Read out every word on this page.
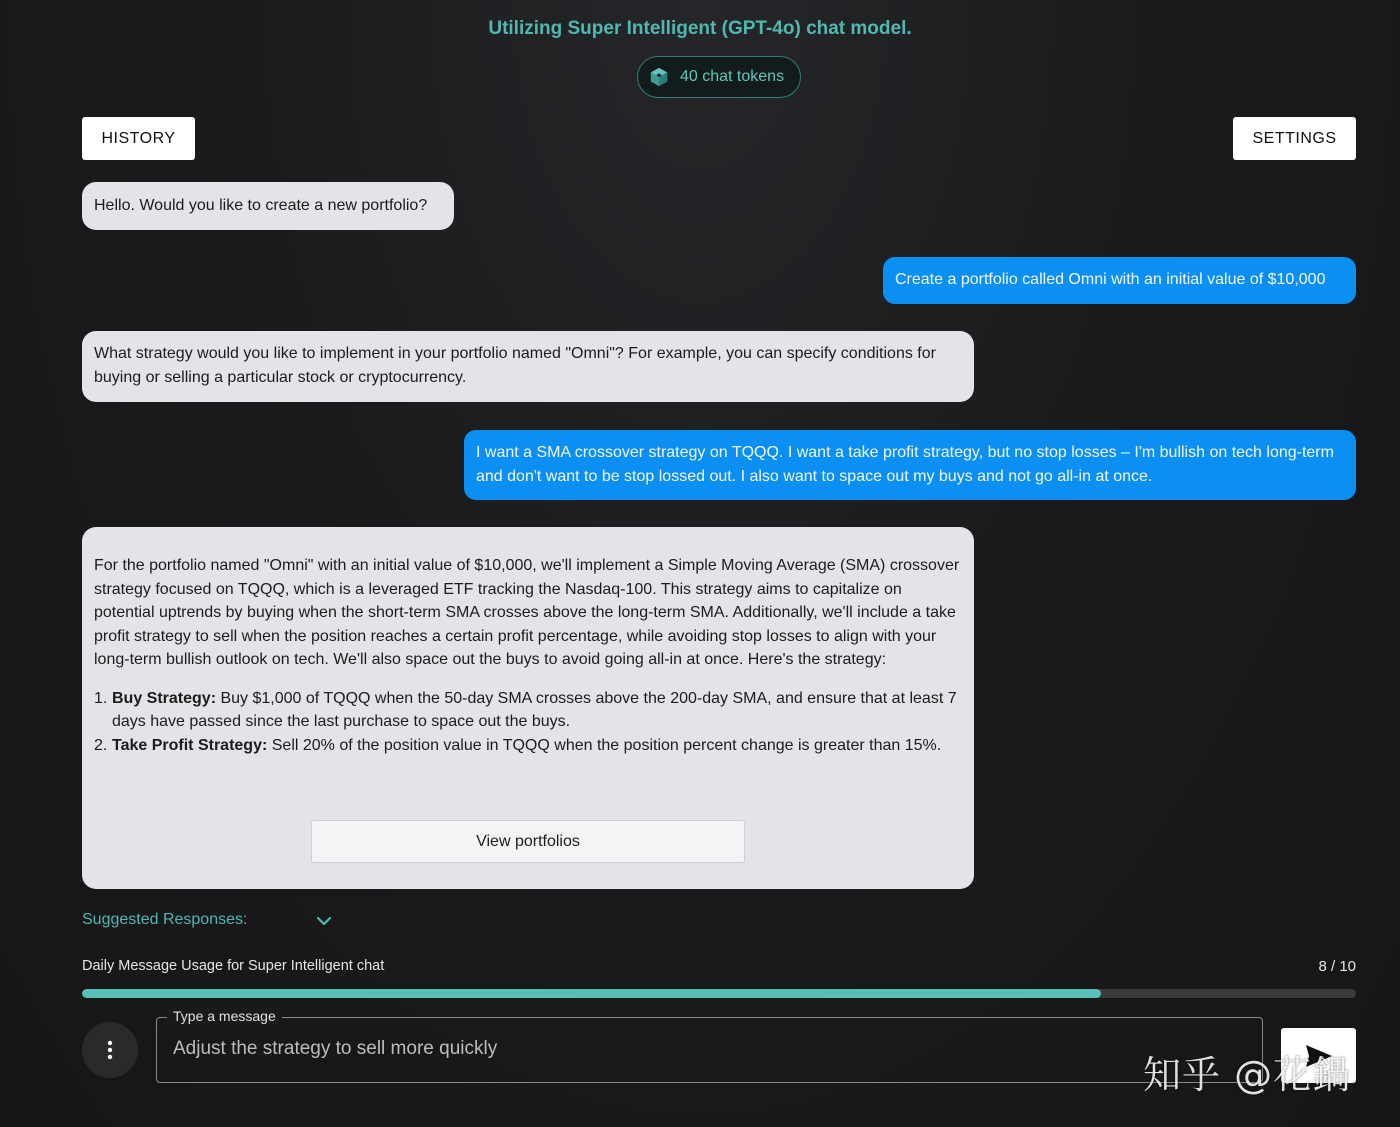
Utilizing Super Intelligent (GPT-4o) chat model.
40 chat tokens
HISTORY	SETTINGS
Hello. Would you like to create a new portfolio?
Create a portfolio called Omni with an initial value of $10,000
What strategy would you like to implement in your portfolio named "Omni"? For example, you can specify conditions for buying or selling a particular stock or cryptocurrency.
I want a SMA crossover strategy on TQQQ. I want a take profit strategy, but no stop losses – I'm bullish on tech long-term and don't want to be stop lossed out. I also want to space out my buys and not go all-in at once.

For the portfolio named "Omni" with an initial value of $10,000, we'll implement a Simple Moving Average (SMA) crossover strategy focused on TQQQ, which is a leveraged ETF tracking the Nasdaq-100. This strategy aims to capitalize on potential uptrends by buying when the short-term SMA crosses above the long-term SMA. Additionally, we'll include a take profit strategy to sell when the position reaches a certain profit percentage, while avoiding stop losses to align with your long-term bullish outlook on tech. We'll also space out the buys to avoid going all-in at once. Here's the strategy:

1. Buy Strategy: Buy $1,000 of TQQQ when the 50-day SMA crosses above the 200-day SMA, and ensure that at least 7 days have passed since the last purchase to space out the buys.
2. Take Profit Strategy: Sell 20% of the position value in TQQQ when the position percent change is greater than 15%.
View portfolios
Suggested Responses:
Daily Message Usage for Super Intelligent chat	8 / 10
Type a message
Adjust the strategy to sell more quickly
知乎 @花鍋
